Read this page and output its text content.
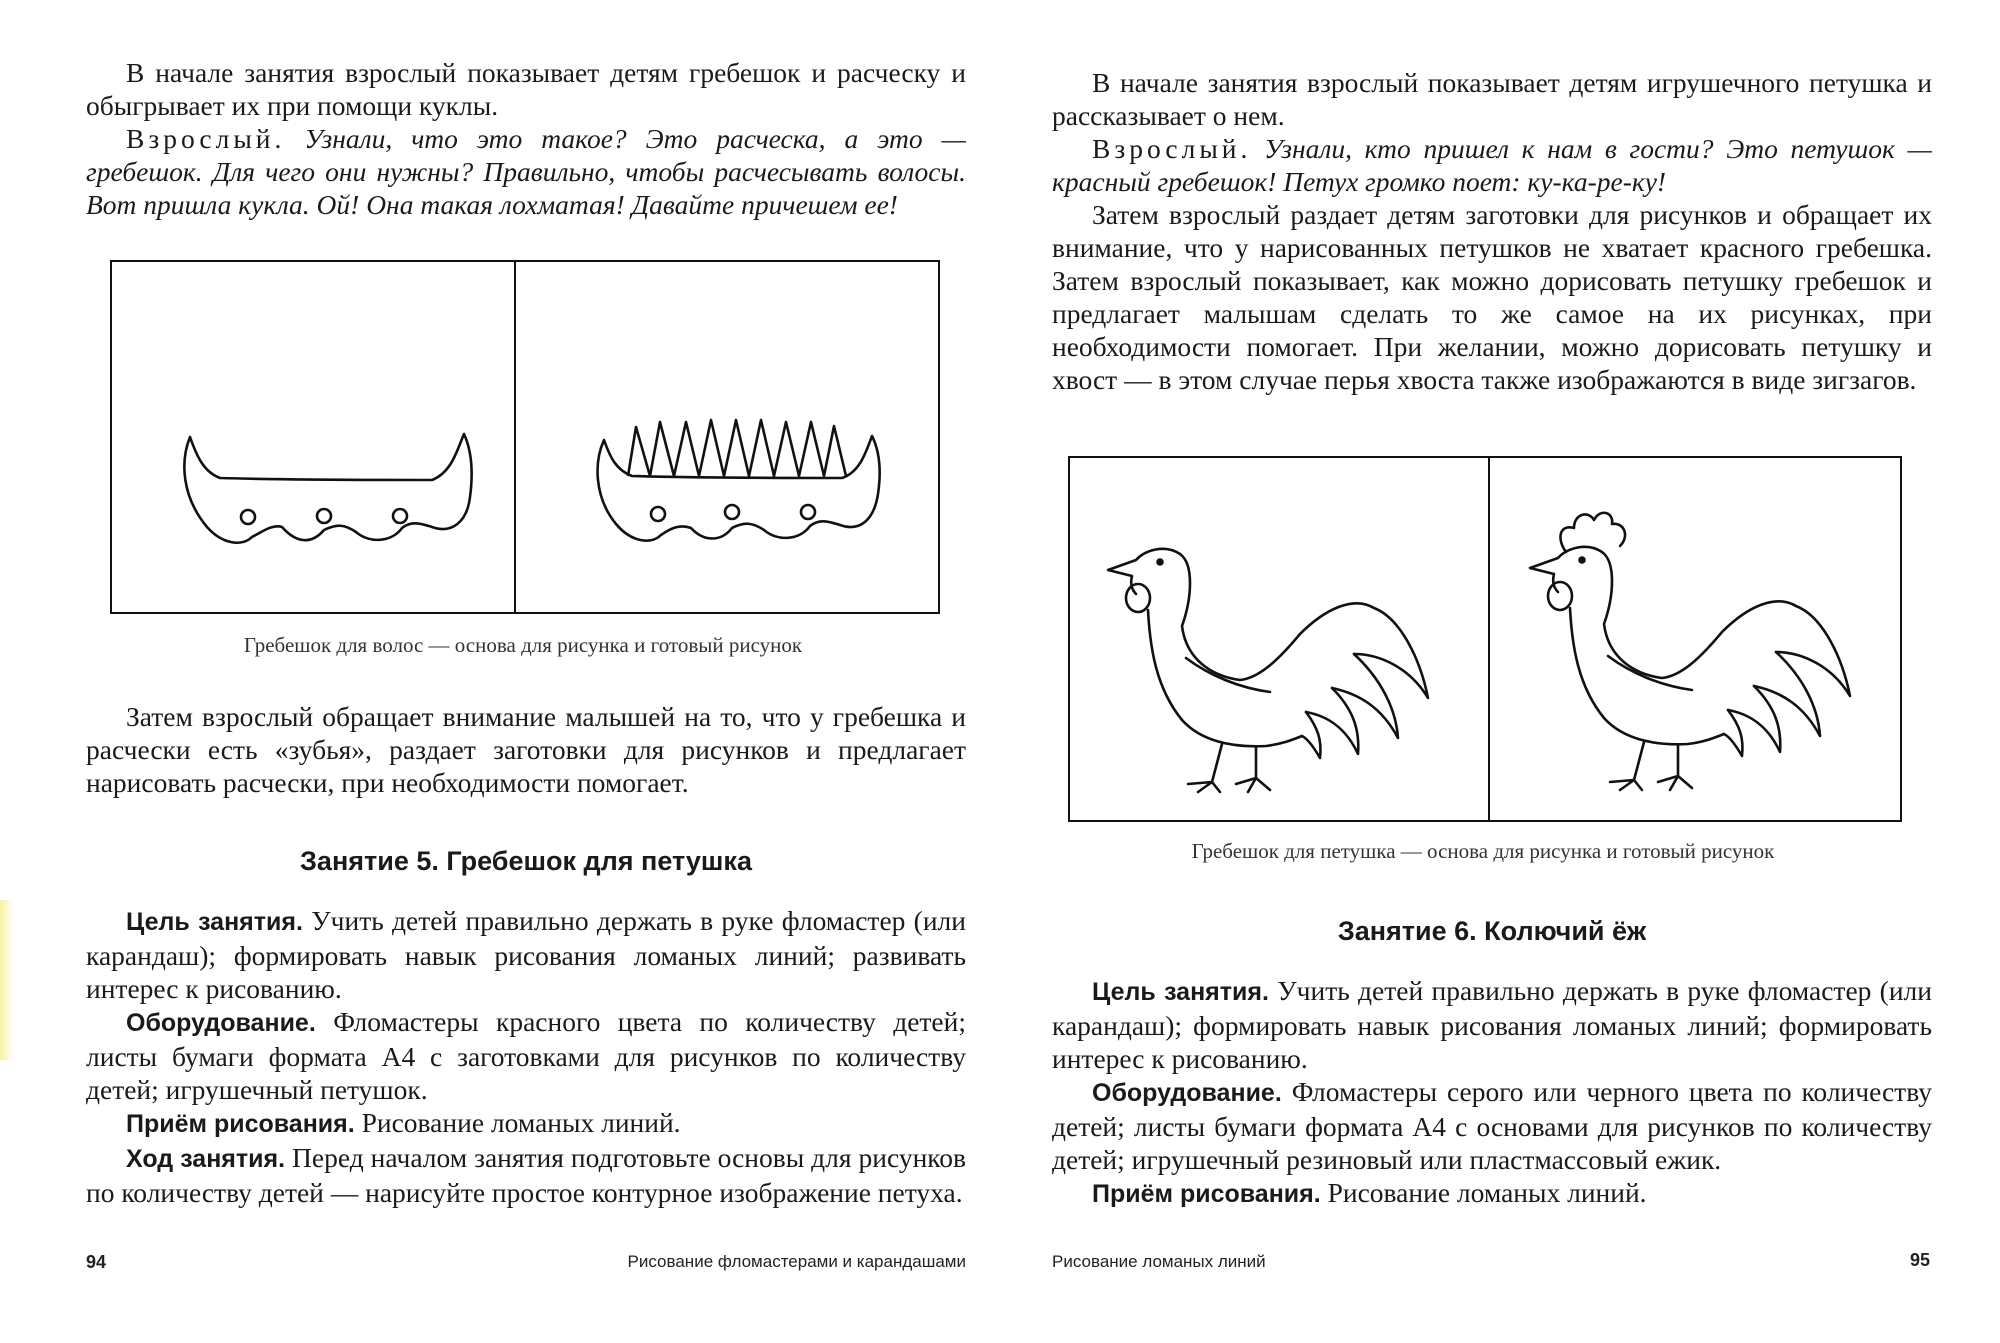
В начале занятия взрослый показывает детям гребешок и расческу и обыгрывает их при помощи куклы.

Взрослый. Узнали, что это такое? Это расческа, а это — гребешок. Для чего они нужны? Правильно, чтобы расчесывать волосы. Вот пришла кукла. Ой! Она такая лохматая! Давайте причешем ее!

Гребешок для волос — основа для рисунка и готовый рисунок

Затем взрослый обращает внимание малышей на то, что у гребешка и расчески есть «зубья», раздает заготовки для рисунков и предлагает нарисовать расчески, при необходимости помогает.

Занятие 5. Гребешок для петушка

Цель занятия. Учить детей правильно держать в руке фломастер (или карандаш); формировать навык рисования ломаных линий; развивать интерес к рисованию.

Оборудование. Фломастеры красного цвета по количеству детей; листы бумаги формата А4 с заготовками для рисунков по количеству детей; игрушечный петушок.

Приём рисования. Рисование ломаных линий.

Ход занятия. Перед началом занятия подготовьте основы для рисунков по количеству детей — нарисуйте простое контурное изображение петуха.

94	Рисование фломастерами и карандашами

В начале занятия взрослый показывает детям игрушечного петушка и рассказывает о нем.

Взрослый. Узнали, кто пришел к нам в гости? Это петушок — красный гребешок! Петух громко поет: ку-ка-ре-ку!

Затем взрослый раздает детям заготовки для рисунков и обращает их внимание, что у нарисованных петушков не хватает красного гребешка. Затем взрослый показывает, как можно дорисовать петушку гребешок и предлагает малышам сделать то же самое на их рисунках, при необходимости помогает. При желании, можно дорисовать петушку и хвост — в этом случае перья хвоста также изображаются в виде зигзагов.

Гребешок для петушка — основа для рисунка и готовый рисунок
Занятие 6. Колючий ёж

Цель занятия. Учить детей правильно держать в руке фломастер (или карандаш); формировать навык рисования ломаных линий; формировать интерес к рисованию.

Оборудование. Фломастеры серого или черного цвета по количеству детей; листы бумаги формата А4 с основами для рисунков по количеству детей; игрушечный резиновый или пластмассовый ежик.

Приём рисования. Рисование ломаных линий.

Рисование ломаных линий	95
